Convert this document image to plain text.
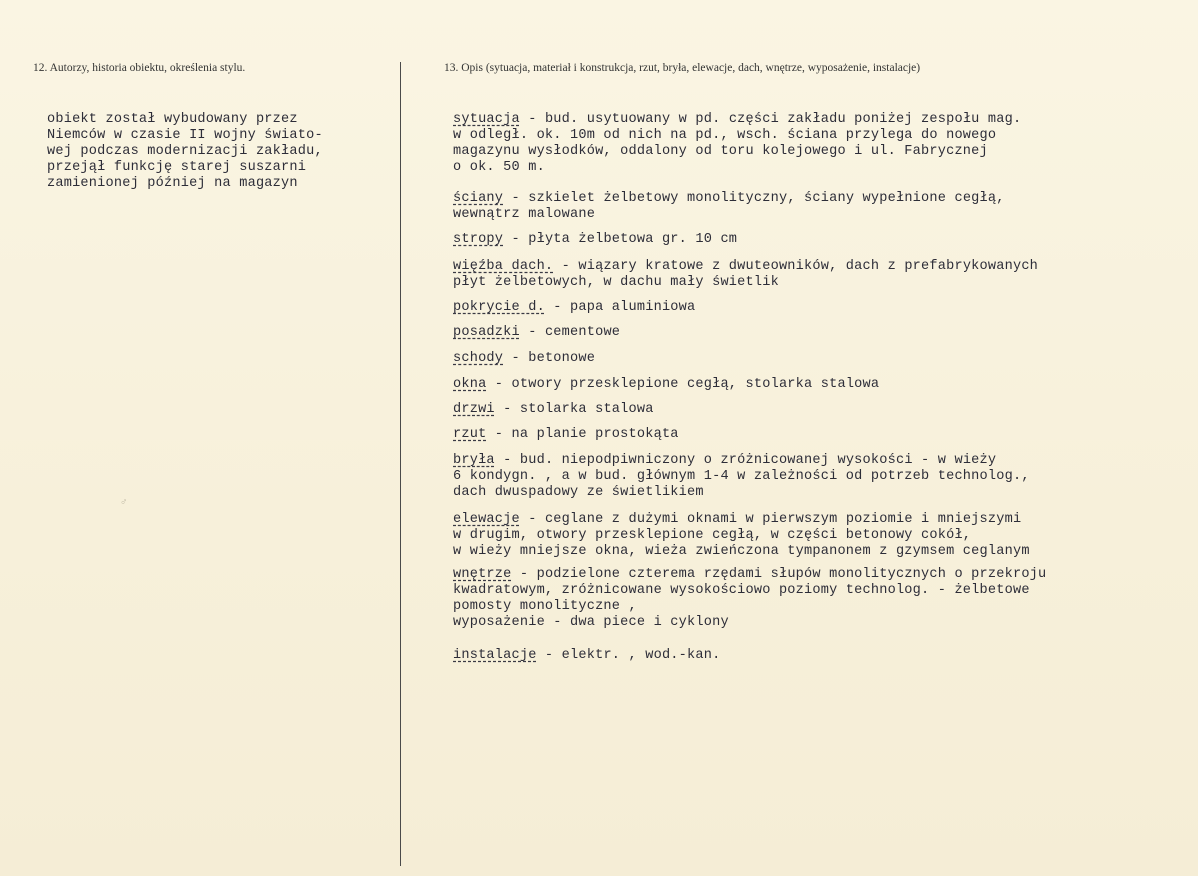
12. Autorzy, historia obiektu, określenia stylu.	13. Opis (sytuacja, materiał i konstrukcja, rzut, bryła, elewacje, dach, wnętrze, wyposażenie, instalacje)
obiekt został wybudowany przez
Niemców w czasie II wojny świato-
wej podczas modernizacji zakładu,
przejął funkcję starej suszarni
zamienionej później na magazyn
♂
sytuacja - bud. usytuowany w pd. części zakładu poniżej zespołu mag.
w odległ. ok. 10m od nich na pd., wsch. ściana przylega do nowego
magazynu wysłodków, oddalony od toru kolejowego i ul. Fabrycznej
o ok. 50 m.
ściany - szkielet żelbetowy monolityczny, ściany wypełnione cegłą,
wewnątrz malowane
stropy - płyta żelbetowa gr. 10 cm
więźba dach. - wiązary kratowe z dwuteowników, dach z prefabrykowanych
płyt żelbetowych, w dachu mały świetlik
pokrycie d. - papa aluminiowa
posadzki - cementowe
schody - betonowe
okna - otwory przesklepione cegłą, stolarka stalowa
drzwi - stolarka stalowa
rzut - na planie prostokąta
bryła - bud. niepodpiwniczony o zróżnicowanej wysokości - w wieży
6 kondygn. , a w bud. głównym 1-4 w zależności od potrzeb technolog.,
dach dwuspadowy ze świetlikiem
elewacje - ceglane z dużymi oknami w pierwszym poziomie i mniejszymi
w drugim, otwory przesklepione cegłą, w części betonowy cokół,
w wieży mniejsze okna, wieża zwieńczona tympanonem z gzymsem ceglanym
wnętrze - podzielone czterema rzędami słupów monolitycznych o przekroju
kwadratowym, zróżnicowane wysokościowo poziomy technolog. - żelbetowe
pomosty monolityczne ,
wyposażenie - dwa piece i cyklony
instalacje - elektr. , wod.-kan.
